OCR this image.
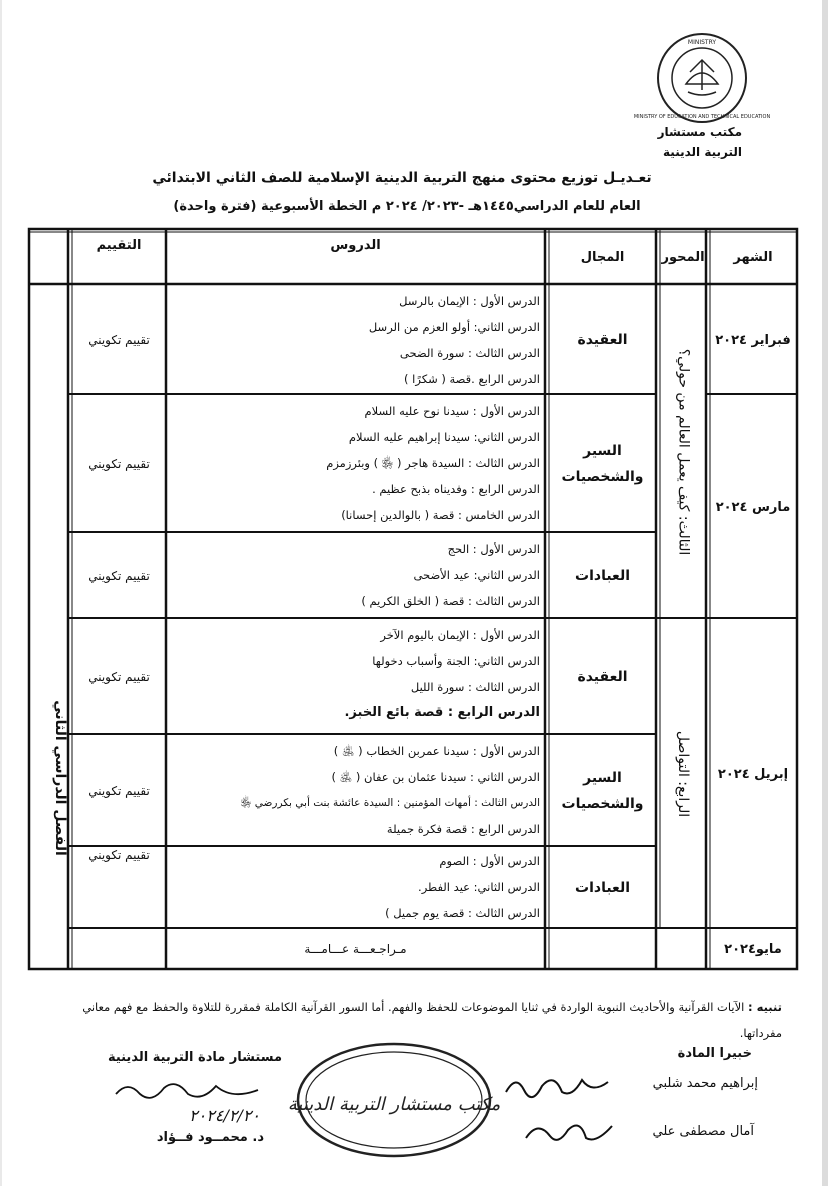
MINISTRY
MINISTRY OF EDUCATION AND TECHNICAL EDUCATION
مكتب مستشار
التربية الدينية
تعـديـل توزيع محتوى منهج التربية الدينية الإسلامية للصف الثاني الابتدائي
العام للعام الدراسي١٤٤٥هـ -٢٠٢٣/ ٢٠٢٤ م الخطة الأسبوعية (فترة واحدة)
الشهر
المحور
المجال
الدروس
التقييم
الفصل الدراسي الثاني
فبراير ٢٠٢٤
مارس ٢٠٢٤
إبريل ٢٠٢٤
مايو٢٠٢٤
الثالث: كيف يعمل العالم من حولي؟
الرابع: التواصل
العقيدة
السير والشخصيات
العبادات
العقيدة
السير والشخصيات
العبادات
تقييم تكويني
تقييم تكويني
تقييم تكويني
تقييم تكويني
تقييم تكويني
تقييم تكويني
الدرس الأول : الإيمان بالرسل
الدرس الثاني: أولو العزم من الرسل
الدرس الثالث : سورة الضحى
الدرس الرابع .قصة ( شكرًا )
الدرس الأول : سيدنا نوح عليه السلام
الدرس الثاني: سيدنا إبراهيم عليه السلام
الدرس الثالث : السيدة هاجر ( ﵂ ) وبئرزمزم
الدرس الرابع : وفديناه بذبح عظيم .
الدرس الخامس : قصة ( بالوالدين إحسانا)
الدرس الأول : الحج
الدرس الثاني: عيد الأضحى
الدرس الثالث : قصة ( الخلق الكريم )
الدرس الأول : الإيمان باليوم الآخر
الدرس الثاني: الجنة وأسباب دخولها
الدرس الثالث : سورة الليل
الدرس الرابع : قصة بائع الخبز.
الدرس الأول : سيدنا عمربن الخطاب ( ﵁ )
الدرس الثاني : سيدنا عثمان بن عفان ( ﵁ )
الدرس الثالث : أمهات المؤمنين : السيدة عائشة بنت أبي بكررضي ﵂
الدرس الرابع : قصة فكرة جميلة
الدرس الأول : الصوم
الدرس الثاني: عيد الفطر.
الدرس الثالث : قصة يوم جميل )
مـراجـعـــة عـــامـــة
تنبيه : الآيات القرآنية والأحاديث النبوية الواردة في ثنايا الموضوعات للحفظ والفهم. أما السور القرآنية الكاملة فمقررة للتلاوة والحفظ مع فهم معاني مفرداتها.
خبيرا المادة
إبراهيم محمد شلبي
آمال مصطفى علي
مستشار مادة التربية الدينية
٢٠٢٤/٢/٢٠
د. محمــود فــؤاد
مكتب مستشار التربية الدينية
